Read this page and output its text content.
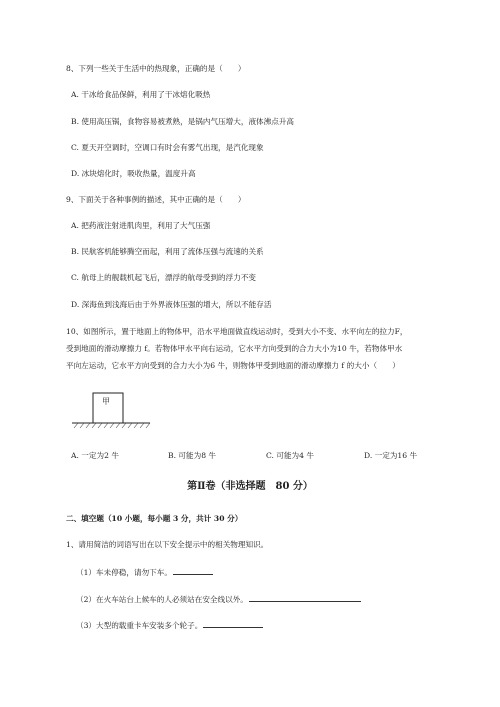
8、下列一些关于生活中的热现象，正确的是（　　）
A. 干冰给食品保鲜，利用了干冰熔化吸热
B. 使用高压锅，食物容易被煮熟，是锅内气压增大，液体沸点升高
C. 夏天开空调时，空调口有时会有雾气出现，是汽化现象
D. 冰块熔化时，吸收热量，温度升高
9、下面关于各种事例的描述，其中正确的是（　　）
A. 把药液注射进肌肉里，利用了大气压强
B. 民航客机能够腾空而起，利用了流体压强与流速的关系
C. 航母上的舰载机起飞后，漂浮的航母受到的浮力不变
D. 深海鱼到浅海后由于外界液体压强的增大，所以不能存活
10、如图所示，置于地面上的物体甲，沿水平地面做直线运动时，受到大小不变、水平向左的拉力F，
受到地面的滑动摩擦力 f。若物体甲水平向右运动，它水平方向受到的合力大小为10 牛，若物体甲水
平向左运动，它水平方向受到的合力大小为6 牛，则物体甲受到地面的滑动摩擦力 f 的大小（　　）
甲
A. 一定为2 牛	B. 可能为8 牛	C. 可能为4 牛	D. 一定为16 牛
第Ⅱ卷（非选择题　80 分）
二、填空题（10 小题，每小题 3 分，共计 30 分）
1、请用简洁的词语写出在以下安全提示中的相关物理知识。
（1）车未停稳，请勿下车。
（2）在火车站台上候车的人必须站在安全线以外。
（3）大型的载重卡车安装多个轮子。
